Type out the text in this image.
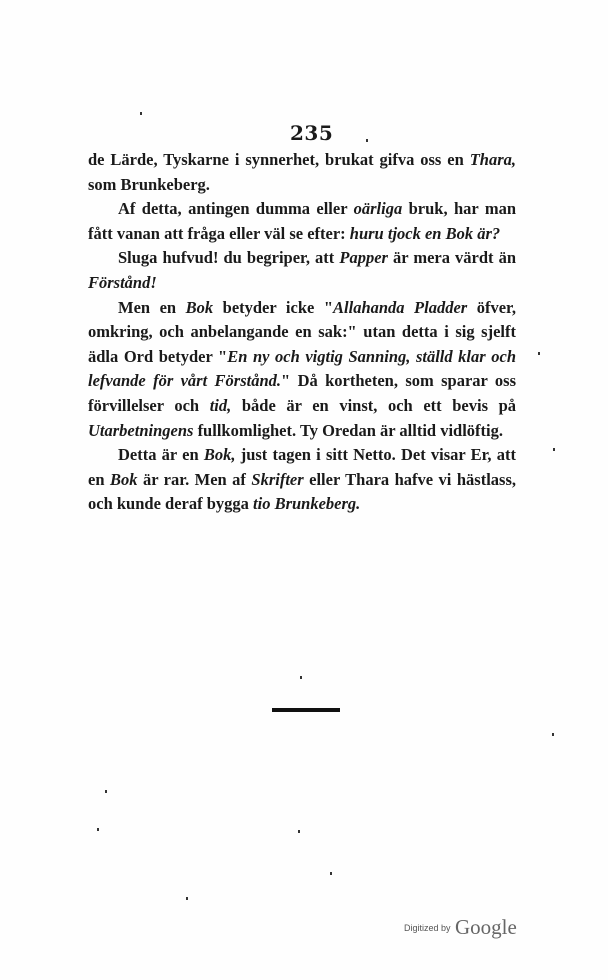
235

de Lärde, Tyskarne i synnerhet, brukat gifva oss en Thara, som Brunkeberg.

Af detta, antingen dumma eller oärliga bruk, har man fått vanan att fråga eller väl se efter: huru tjock en Bok är?

Sluga hufvud! du begriper, att Papper är mera värdt än Förstånd!

Men en Bok betyder icke "Allahanda Pladder öfver, omkring, och anbelangande en sak:" utan detta i sig sjelft ädla Ord betyder "En ny och vigtig Sanning, ställd klar och lefvande för vårt Förstånd." Då kortheten, som sparar oss förvillelser och tid, både är en vinst, och ett bevis på Utarbetningens fullkomlighet. Ty Oredan är alltid vidlöftig.

Detta är en Bok, just tagen i sitt Netto. Det visar Er, att en Bok är rar. Men af Skrifter eller Thara hafve vi hästlass, och kunde deraf bygga tio Brunkeberg.

Digitized by Google
